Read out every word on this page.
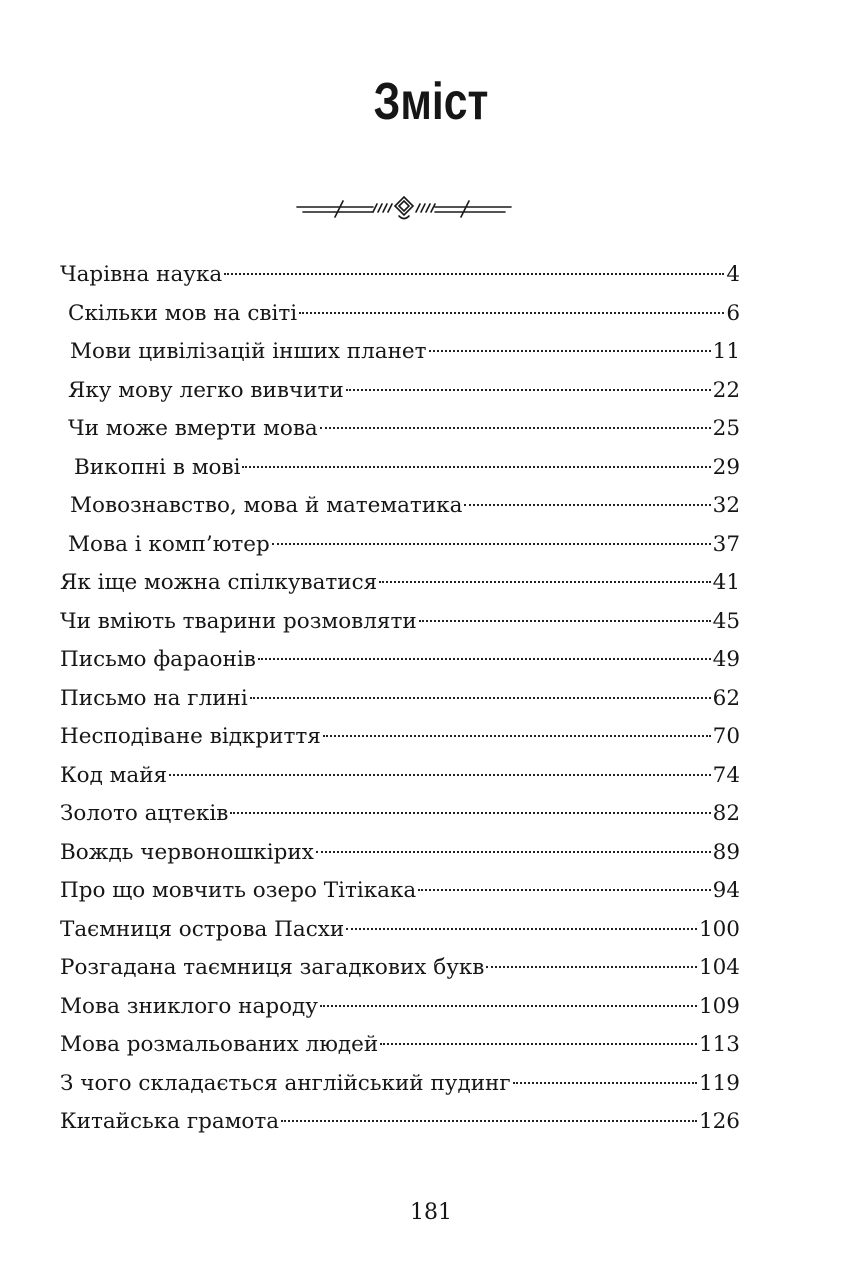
Зміст
Чарівна наука	4
Скільки мов на світі	6
Мови цивілізацій інших планет	11
Яку мову легко вивчити	22
Чи може вмерти мова	25
Викопні в мові	29
Мовознавство, мова й математика	32
Мова і комп’ютер	37
Як іще можна спілкуватися	41
Чи вміють тварини розмовляти	45
Письмо фараонів	49
Письмо на глині	62
Несподіване відкриття	70
Код майя	74
Золото ацтеків	82
Вождь червоношкірих	89
Про що мовчить озеро Тітікака	94
Таємниця острова Пасхи	100
Розгадана таємниця загадкових букв	104
Мова зниклого народу	109
Мова розмальованих людей	113
З чого складається англійський пудинг	119
Китайська грамота	126
181
